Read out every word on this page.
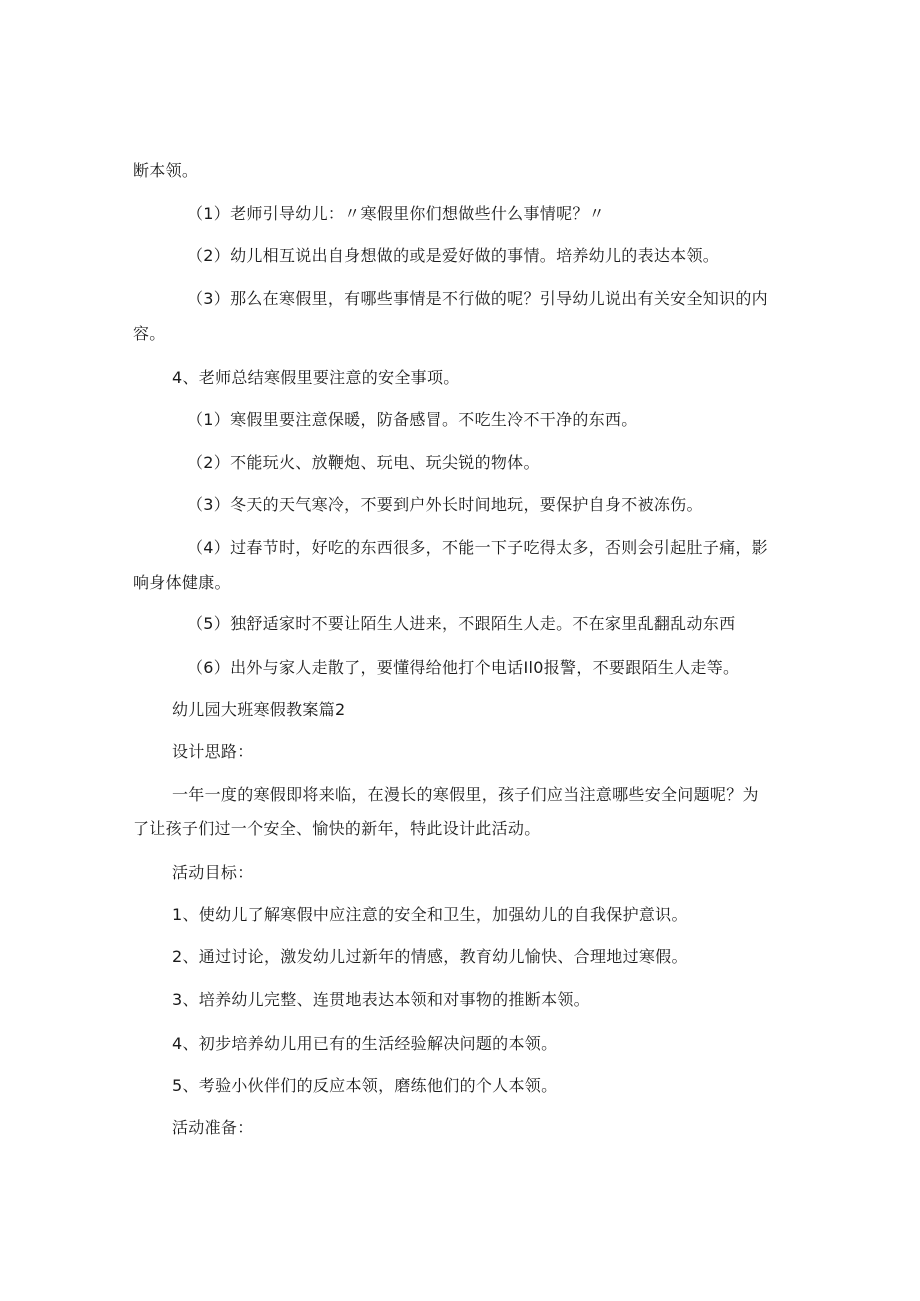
断本领。
（1）老师引导幼儿：〃寒假里你们想做些什么事情呢？〃
（2）幼儿相互说出自身想做的或是爱好做的事情。培养幼儿的表达本领。
（3）那么在寒假里，有哪些事情是不行做的呢？引导幼儿说出有关安全知识的内
容。
4、老师总结寒假里要注意的安全事项。
（1）寒假里要注意保暖，防备感冒。不吃生冷不干净的东西。
（2）不能玩火、放鞭炮、玩电、玩尖锐的物体。
（3）冬天的天气寒冷，不要到户外长时间地玩，要保护自身不被冻伤。
（4）过春节时，好吃的东西很多，不能一下子吃得太多，否则会引起肚子痛，影
响身体健康。
（5）独舒适家时不要让陌生人进来，不跟陌生人走。不在家里乱翻乱动东西
（6）出外与家人走散了，要懂得给他打个电话Il0报警，不要跟陌生人走等。
幼儿园大班寒假教案篇2
设计思路：
一年一度的寒假即将来临，在漫长的寒假里，孩子们应当注意哪些安全问题呢？为
了让孩子们过一个安全、愉快的新年，特此设计此活动。
活动目标：
1、使幼儿了解寒假中应注意的安全和卫生，加强幼儿的自我保护意识。
2、通过讨论，激发幼儿过新年的情感，教育幼儿愉快、合理地过寒假。
3、培养幼儿完整、连贯地表达本领和对事物的推断本领。
4、初步培养幼儿用已有的生活经验解决问题的本领。
5、考验小伙伴们的反应本领，磨练他们的个人本领。
活动准备：
